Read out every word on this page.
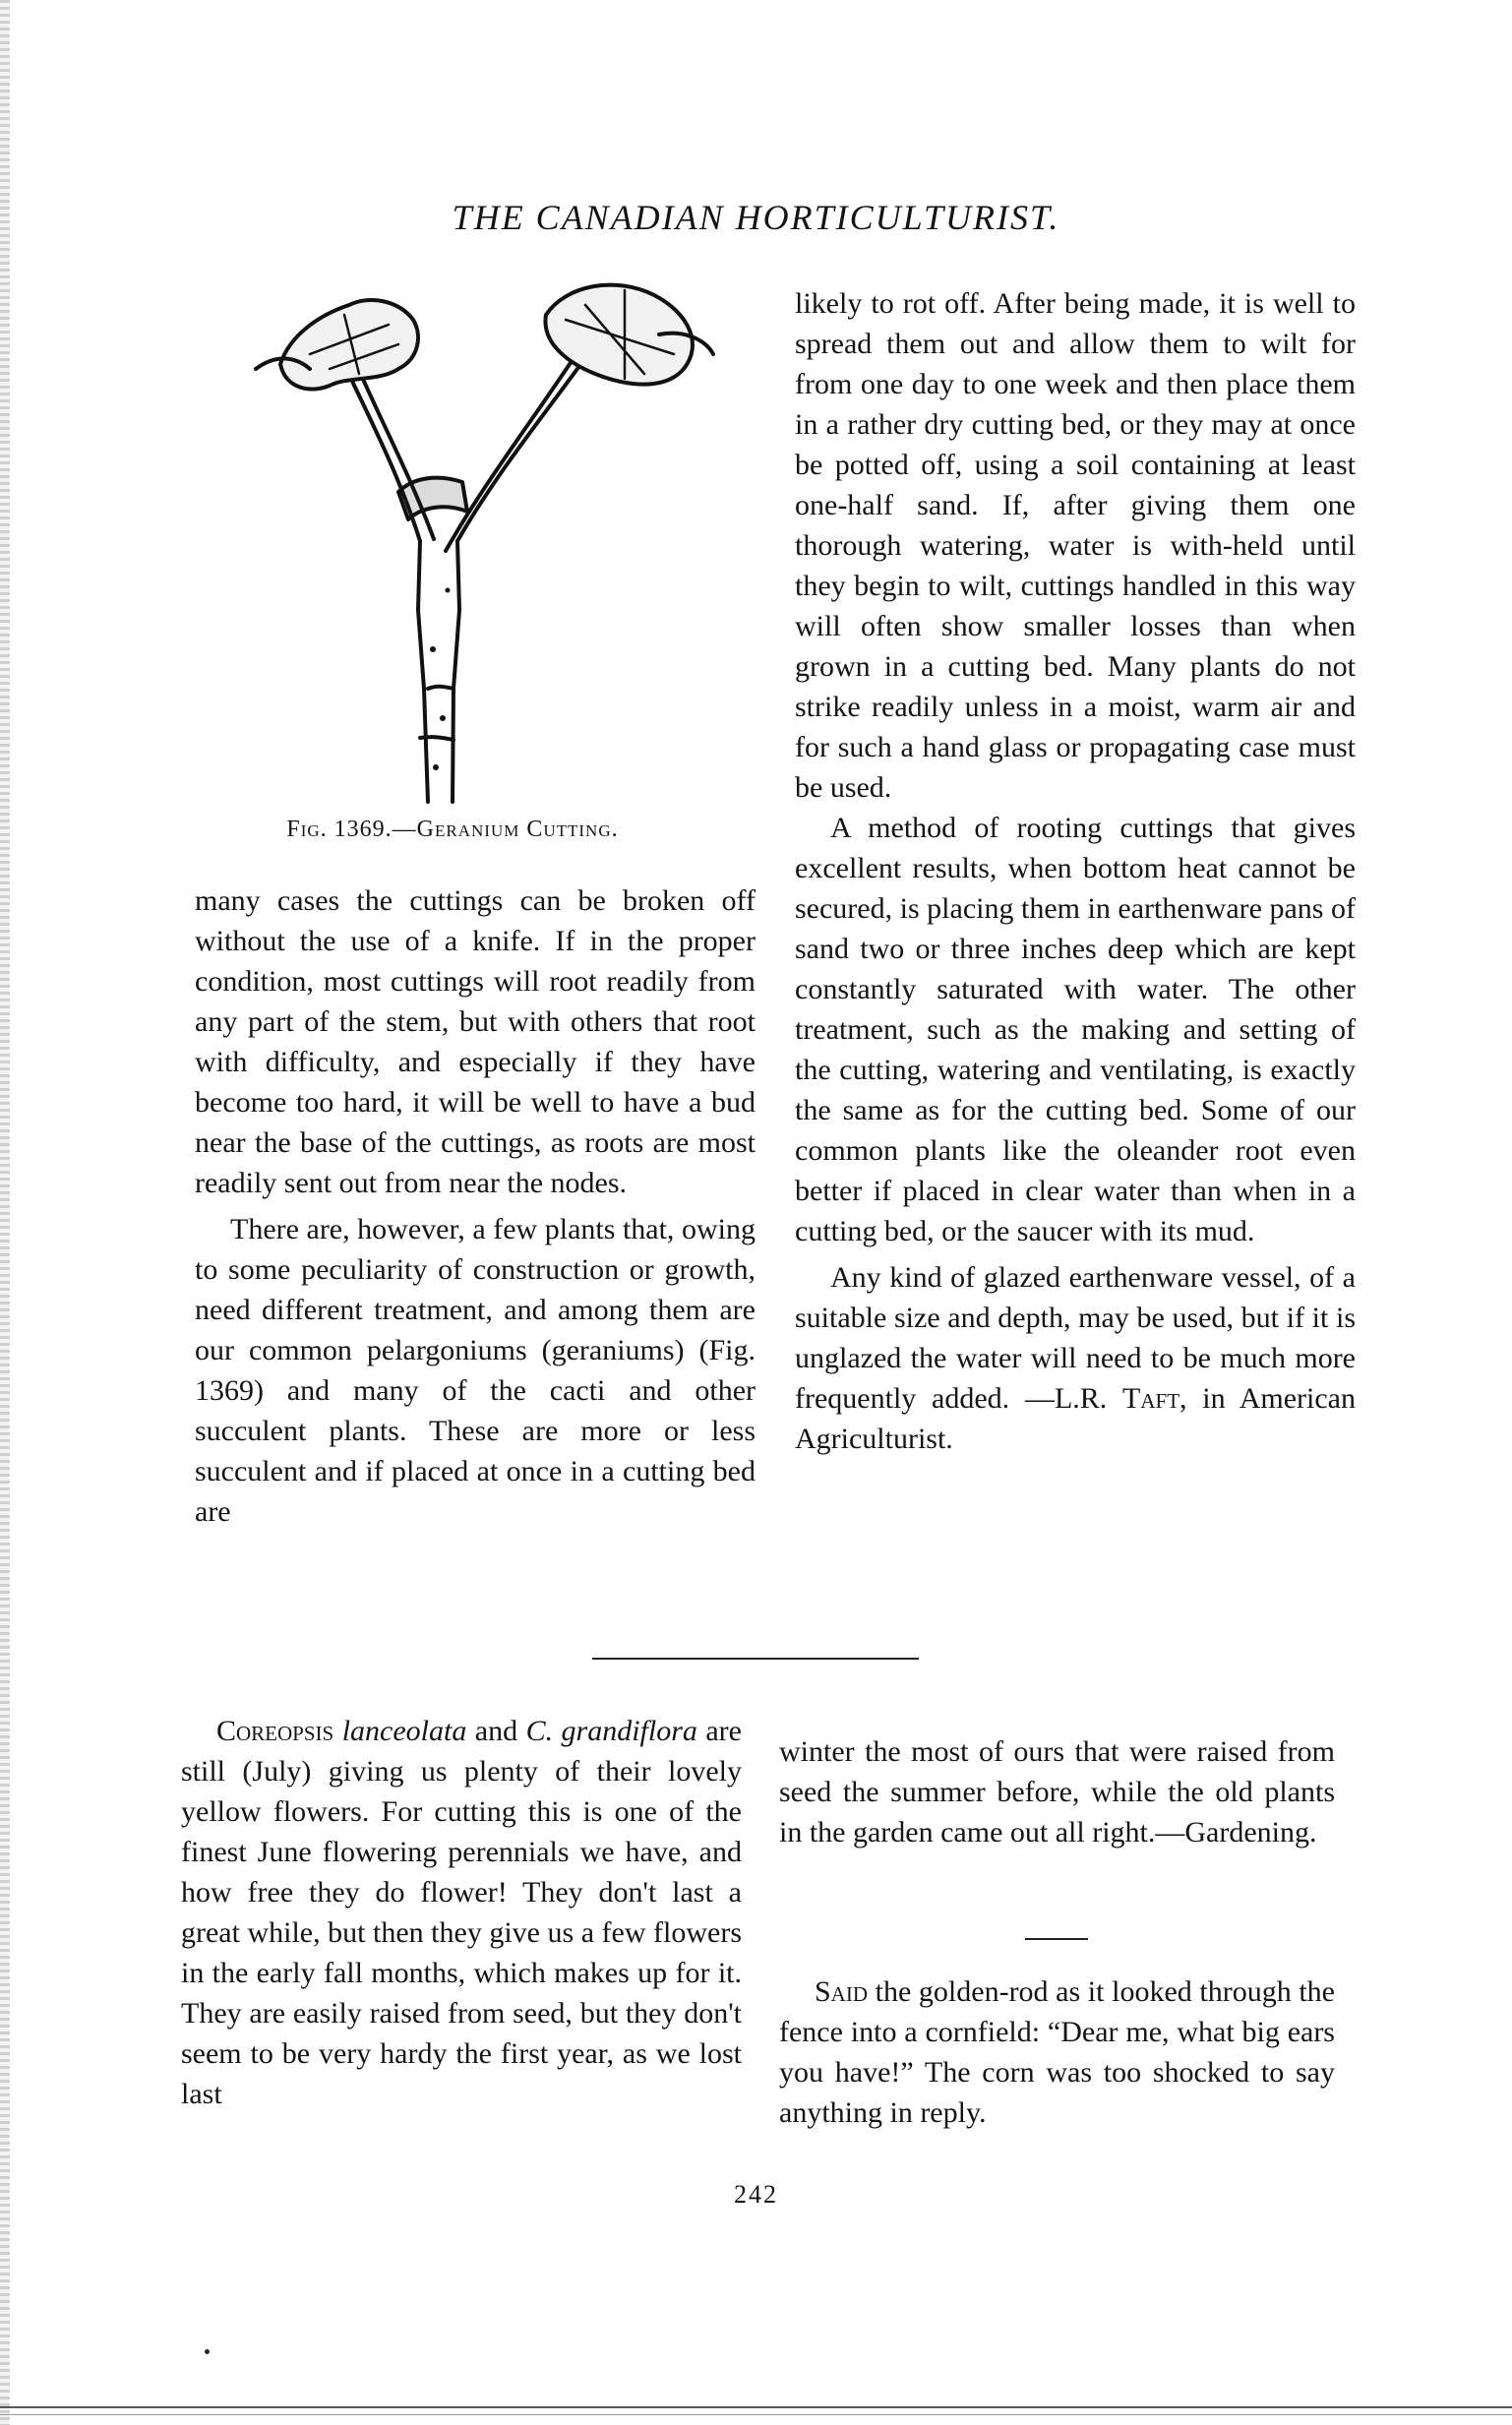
THE CANADIAN HORTICULTURIST.
Fig. 1369.—Geranium Cutting.

many cases the cuttings can be broken off without the use of a knife. If in the proper condition, most cuttings will root readily from any part of the stem, but with others that root with difficulty, and especially if they have become too hard, it will be well to have a bud near the base of the cuttings, as roots are most readily sent out from near the nodes.

There are, however, a few plants that, owing to some peculiarity of construction or growth, need different treatment, and among them are our common pelargoniums (geraniums) (Fig. 1369) and many of the cacti and other succulent plants. These are more or less succulent and if placed at once in a cutting bed are

likely to rot off. After being made, it is well to spread them out and allow them to wilt for from one day to one week and then place them in a rather dry cutting bed, or they may at once be potted off, using a soil containing at least one-half sand. If, after giving them one thorough watering, water is with-held until they begin to wilt, cuttings handled in this way will often show smaller losses than when grown in a cutting bed. Many plants do not strike readily unless in a moist, warm air and for such a hand glass or propagating case must be used.

A method of rooting cuttings that gives excellent results, when bottom heat cannot be secured, is placing them in earthenware pans of sand two or three inches deep which are kept constantly saturated with water. The other treatment, such as the making and setting of the cutting, watering and ventilating, is exactly the same as for the cutting bed. Some of our common plants like the oleander root even better if placed in clear water than when in a cutting bed, or the saucer with its mud.

Any kind of glazed earthenware vessel, of a suitable size and depth, may be used, but if it is unglazed the water will need to be much more frequently added. —L.R. Taft, in American Agriculturist.

Coreopsis lanceolata and C. grandiflora are still (July) giving us plenty of their lovely yellow flowers. For cutting this is one of the finest June flowering perennials we have, and how free they do flower! They don't last a great while, but then they give us a few flowers in the early fall months, which makes up for it. They are easily raised from seed, but they don't seem to be very hardy the first year, as we lost last

winter the most of ours that were raised from seed the summer before, while the old plants in the garden came out all right.—Gardening.

Said the golden-rod as it looked through the fence into a cornfield: “Dear me, what big ears you have!” The corn was too shocked to say anything in reply.

242
